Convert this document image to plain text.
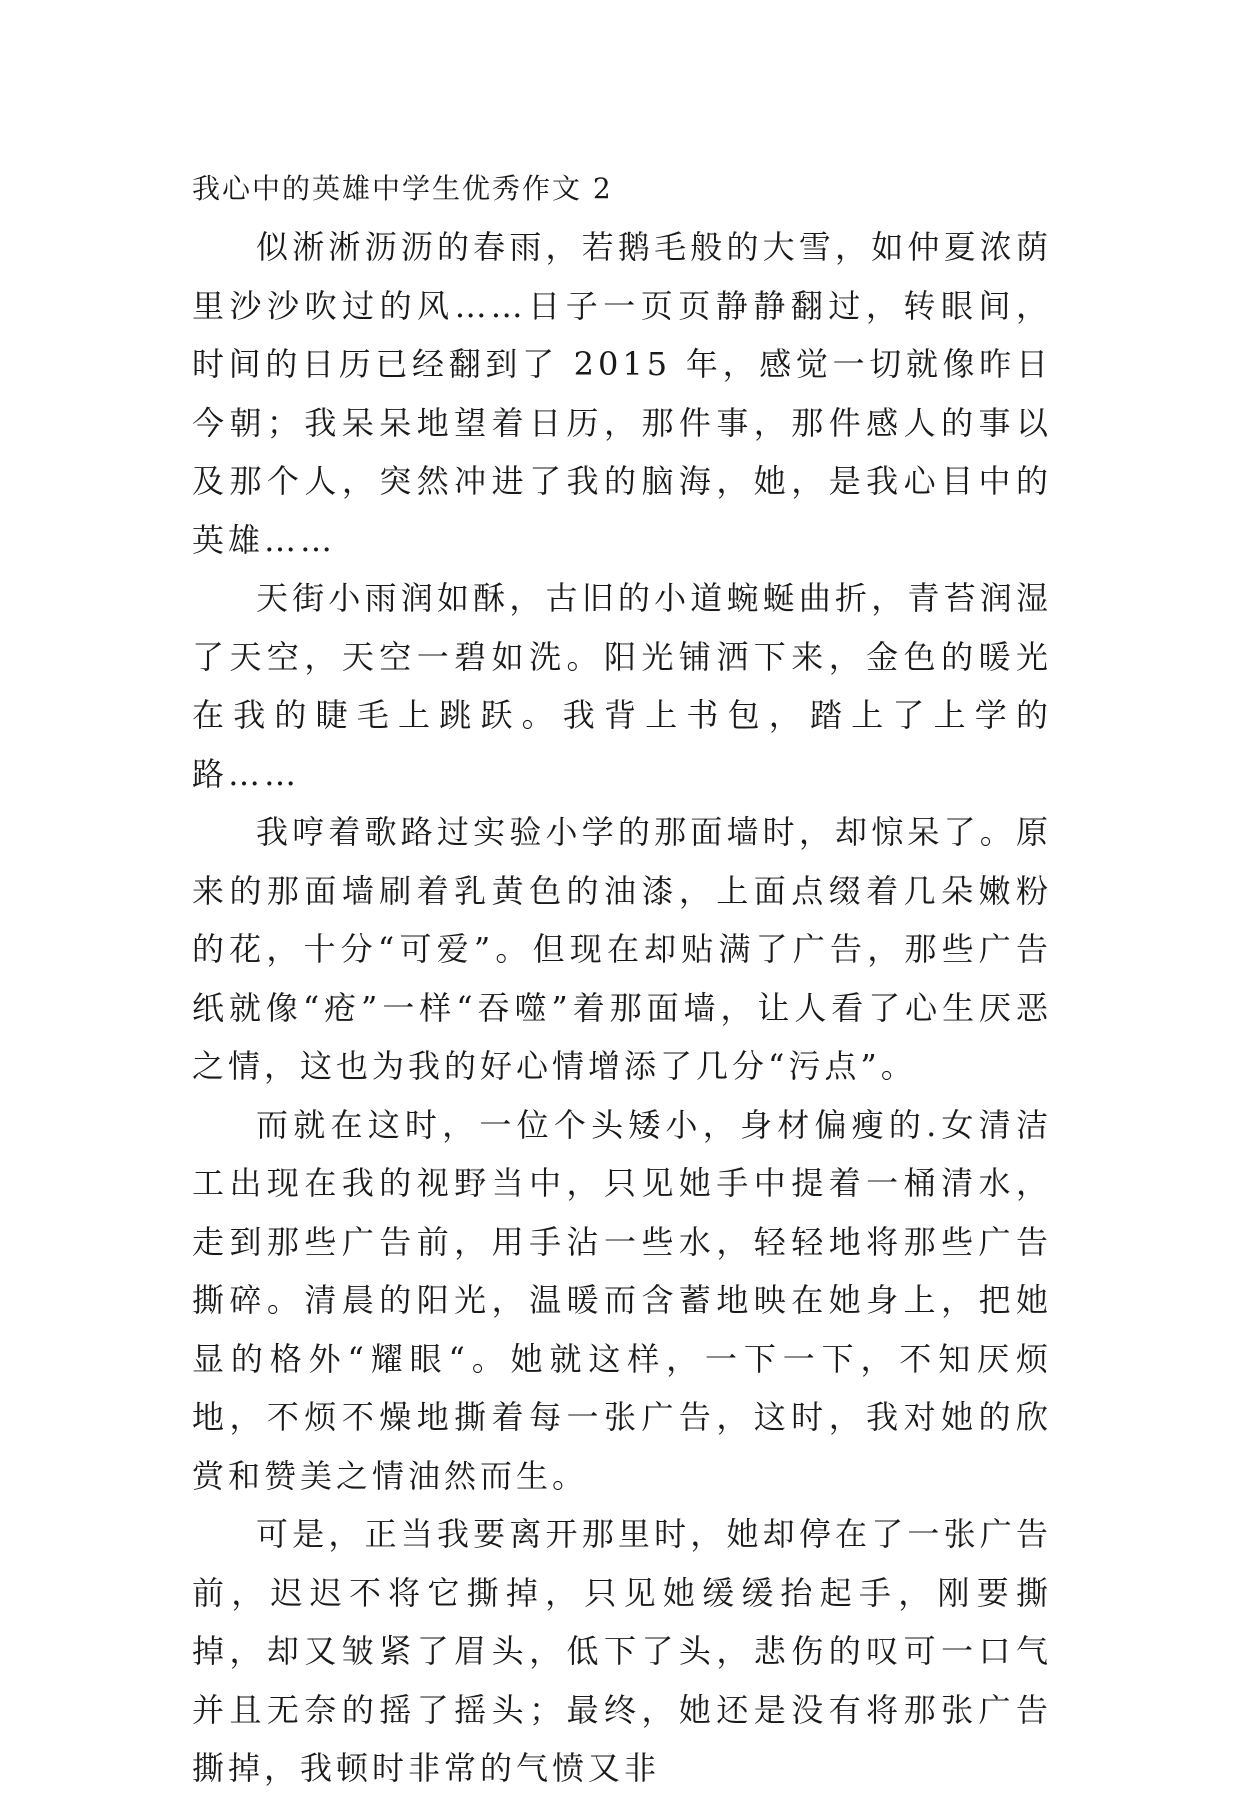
我心中的英雄中学生优秀作文 2

似淅淅沥沥的春雨，若鹅毛般的大雪，如仲夏浓荫里沙沙吹过的风……日子一页页静静翻过，转眼间，时间的日历已经翻到了 2015 年，感觉一切就像昨日今朝；我呆呆地望着日历，那件事，那件感人的事以及那个人，突然冲进了我的脑海，她，是我心目中的英雄……

天街小雨润如酥，古旧的小道蜿蜒曲折，青苔润湿了天空，天空一碧如洗。阳光铺洒下来，金色的暖光在我的睫毛上跳跃。我背上书包，踏上了上学的路……

我哼着歌路过实验小学的那面墙时，却惊呆了。原来的那面墙刷着乳黄色的油漆，上面点缀着几朵嫩粉的花，十分“可爱”。但现在却贴满了广告，那些广告纸就像“疮”一样“吞噬”着那面墙，让人看了心生厌恶之情，这也为我的好心情增添了几分“污点”。

而就在这时，一位个头矮小，身材偏瘦的.女清洁工出现在我的视野当中，只见她手中提着一桶清水，走到那些广告前，用手沾一些水，轻轻地将那些广告撕碎。清晨的阳光，温暖而含蓄地映在她身上，把她显的格外“耀眼“。她就这样，一下一下，不知厌烦地，不烦不燥地撕着每一张广告，这时，我对她的欣赏和赞美之情油然而生。

可是，正当我要离开那里时，她却停在了一张广告前，迟迟不将它撕掉，只见她缓缓抬起手，刚要撕掉，却又皱紧了眉头，低下了头，悲伤的叹可一口气并且无奈的摇了摇头；最终，她还是没有将那张广告撕掉，我顿时非常的气愤又非
